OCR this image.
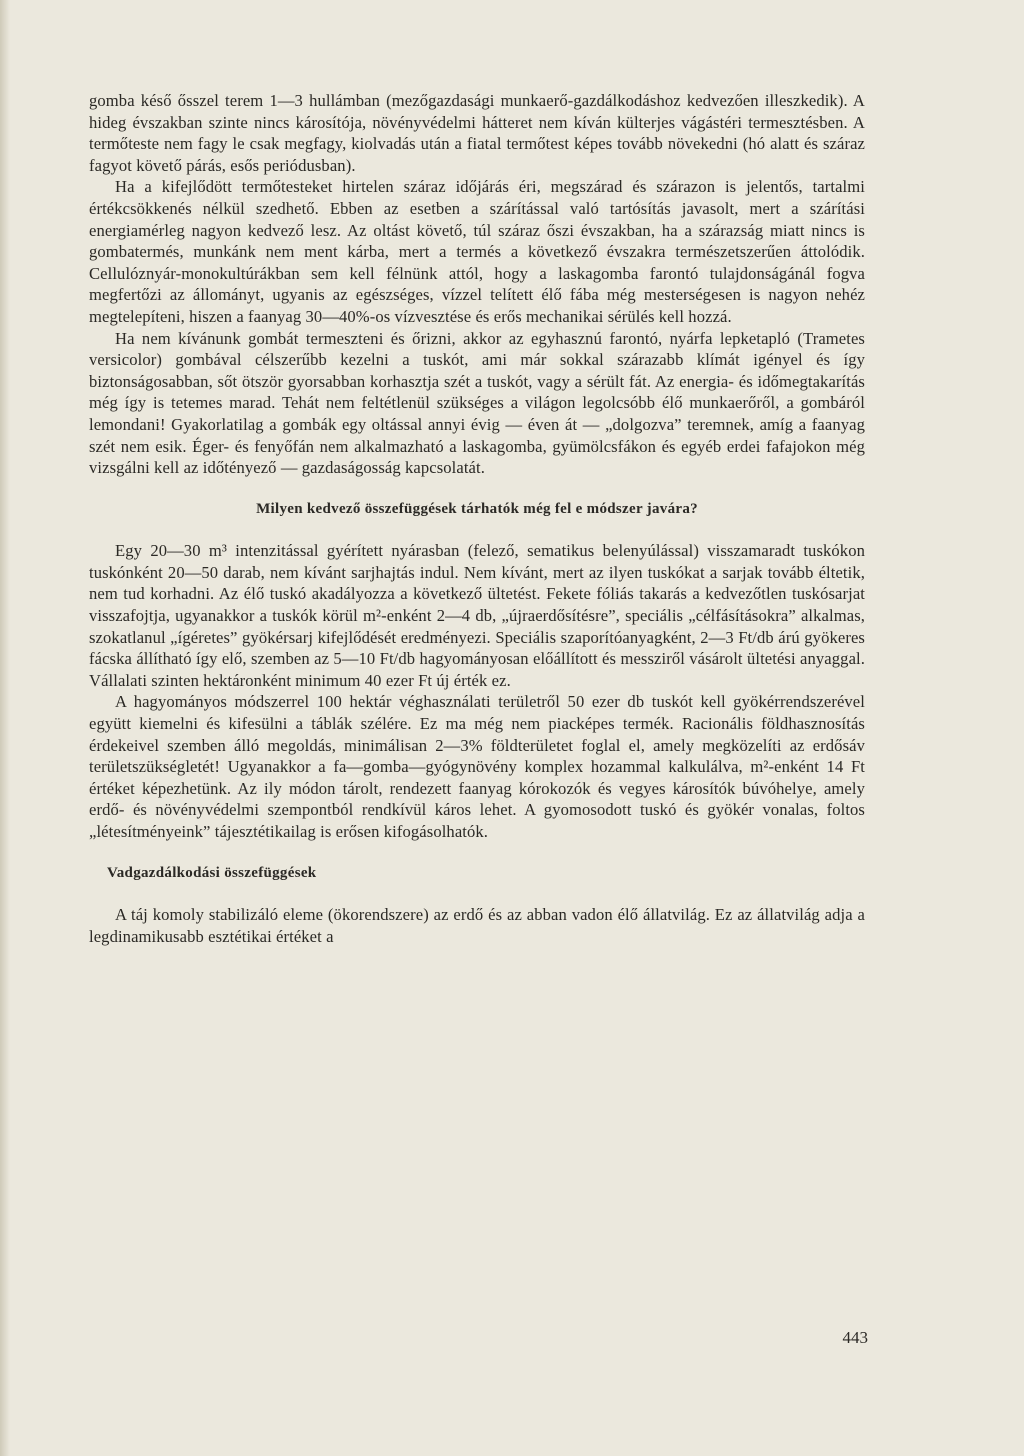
gomba késő ősszel terem 1—3 hullámban (mezőgazdasági munkaerő-gazdálkodáshoz kedvezően illeszkedik). A hideg évszakban szinte nincs károsítója, növényvédelmi hátteret nem kíván külterjes vágástéri termesztésben. A termőteste nem fagy le csak megfagy, kiolvadás után a fiatal termőtest képes tovább növekedni (hó alatt és száraz fagyot követő párás, esős periódusban).

Ha a kifejlődött termőtesteket hirtelen száraz időjárás éri, megszárad és szárazon is jelentős, tartalmi értékcsökkenés nélkül szedhető. Ebben az esetben a szárítással való tartósítás javasolt, mert a szárítási energiamérleg nagyon kedvező lesz. Az oltást követő, túl száraz őszi évszakban, ha a szárazság miatt nincs is gombatermés, munkánk nem ment kárba, mert a termés a következő évszakra természetszerűen áttolódik. Cellulóznyár-monokultúrákban sem kell félnünk attól, hogy a laskagomba farontó tulajdonságánál fogva megfertőzi az állományt, ugyanis az egészséges, vízzel telített élő fába még mesterségesen is nagyon nehéz megtelepíteni, hiszen a faanyag 30—40%-os vízvesztése és erős mechanikai sérülés kell hozzá.

Ha nem kívánunk gombát termeszteni és őrizni, akkor az egyhasznú farontó, nyárfa lepketapló (Trametes versicolor) gombával célszerűbb kezelni a tuskót, ami már sokkal szárazabb klímát igényel és így biztonságosabban, sőt ötször gyorsabban korhasztja szét a tuskót, vagy a sérült fát. Az energia- és időmegtakarítás még így is tetemes marad. Tehát nem feltétlenül szükséges a világon legolcsóbb élő munkaerőről, a gombáról lemondani! Gyakorlatilag a gombák egy oltással annyi évig — éven át — „dolgozva” teremnek, amíg a faanyag szét nem esik. Éger- és fenyőfán nem alkalmazható a laskagomba, gyümölcsfákon és egyéb erdei fafajokon még vizsgálni kell az időtényező — gazdaságosság kapcsolatát.

Milyen kedvező összefüggések tárhatók még fel e módszer javára?

Egy 20—30 m³ intenzitással gyérített nyárasban (felező, sematikus belenyúlással) visszamaradt tuskókon tuskónként 20—50 darab, nem kívánt sarjhajtás indul. Nem kívánt, mert az ilyen tuskókat a sarjak tovább éltetik, nem tud korhadni. Az élő tuskó akadályozza a következő ültetést. Fekete fóliás takarás a kedvezőtlen tuskósarjat visszafojtja, ugyanakkor a tuskók körül m²-enként 2—4 db, „újraerdősítésre”, speciális „célfásításokra” alkalmas, szokatlanul „ígéretes” gyökérsarj kifejlődését eredményezi. Speciális szaporítóanyagként, 2—3 Ft/db árú gyökeres fácska állítható így elő, szemben az 5—10 Ft/db hagyományosan előállított és messziről vásárolt ültetési anyaggal. Vállalati szinten hektáronként minimum 40 ezer Ft új érték ez.

A hagyományos módszerrel 100 hektár véghasználati területről 50 ezer db tuskót kell gyökérrendszerével együtt kiemelni és kifesülni a táblák szélére. Ez ma még nem piacképes termék. Racionális földhasznosítás érdekeivel szemben álló megoldás, minimálisan 2—3% földterületet foglal el, amely megközelíti az erdősáv területszükségletét! Ugyanakkor a fa—gomba—gyógynövény komplex hozammal kalkulálva, m²-enként 14 Ft értéket képezhetünk. Az ily módon tárolt, rendezett faanyag kórokozók és vegyes károsítók búvóhelye, amely erdő- és növényvédelmi szempontból rendkívül káros lehet. A gyomosodott tuskó és gyökér vonalas, foltos „létesítményeink” tájesztétikailag is erősen kifogásolhatók.

Vadgazdálkodási összefüggések

A táj komoly stabilizáló eleme (ökorendszere) az erdő és az abban vadon élő állatvilág. Ez az állatvilág adja a legdinamikusabb esztétikai értéket a

443
